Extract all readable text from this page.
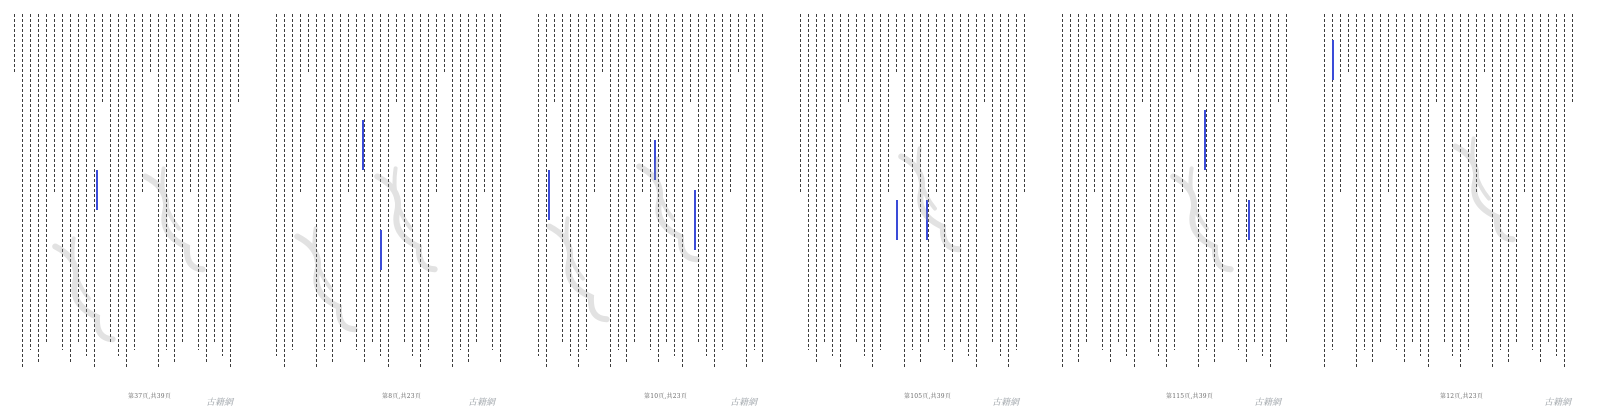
第37頁,共39頁
古籍網
第8頁,共23頁
古籍網
第10頁,共23頁
古籍網
第105頁,共39頁
古籍網
第115頁,共39頁
古籍網
第12頁,共23頁
古籍網
